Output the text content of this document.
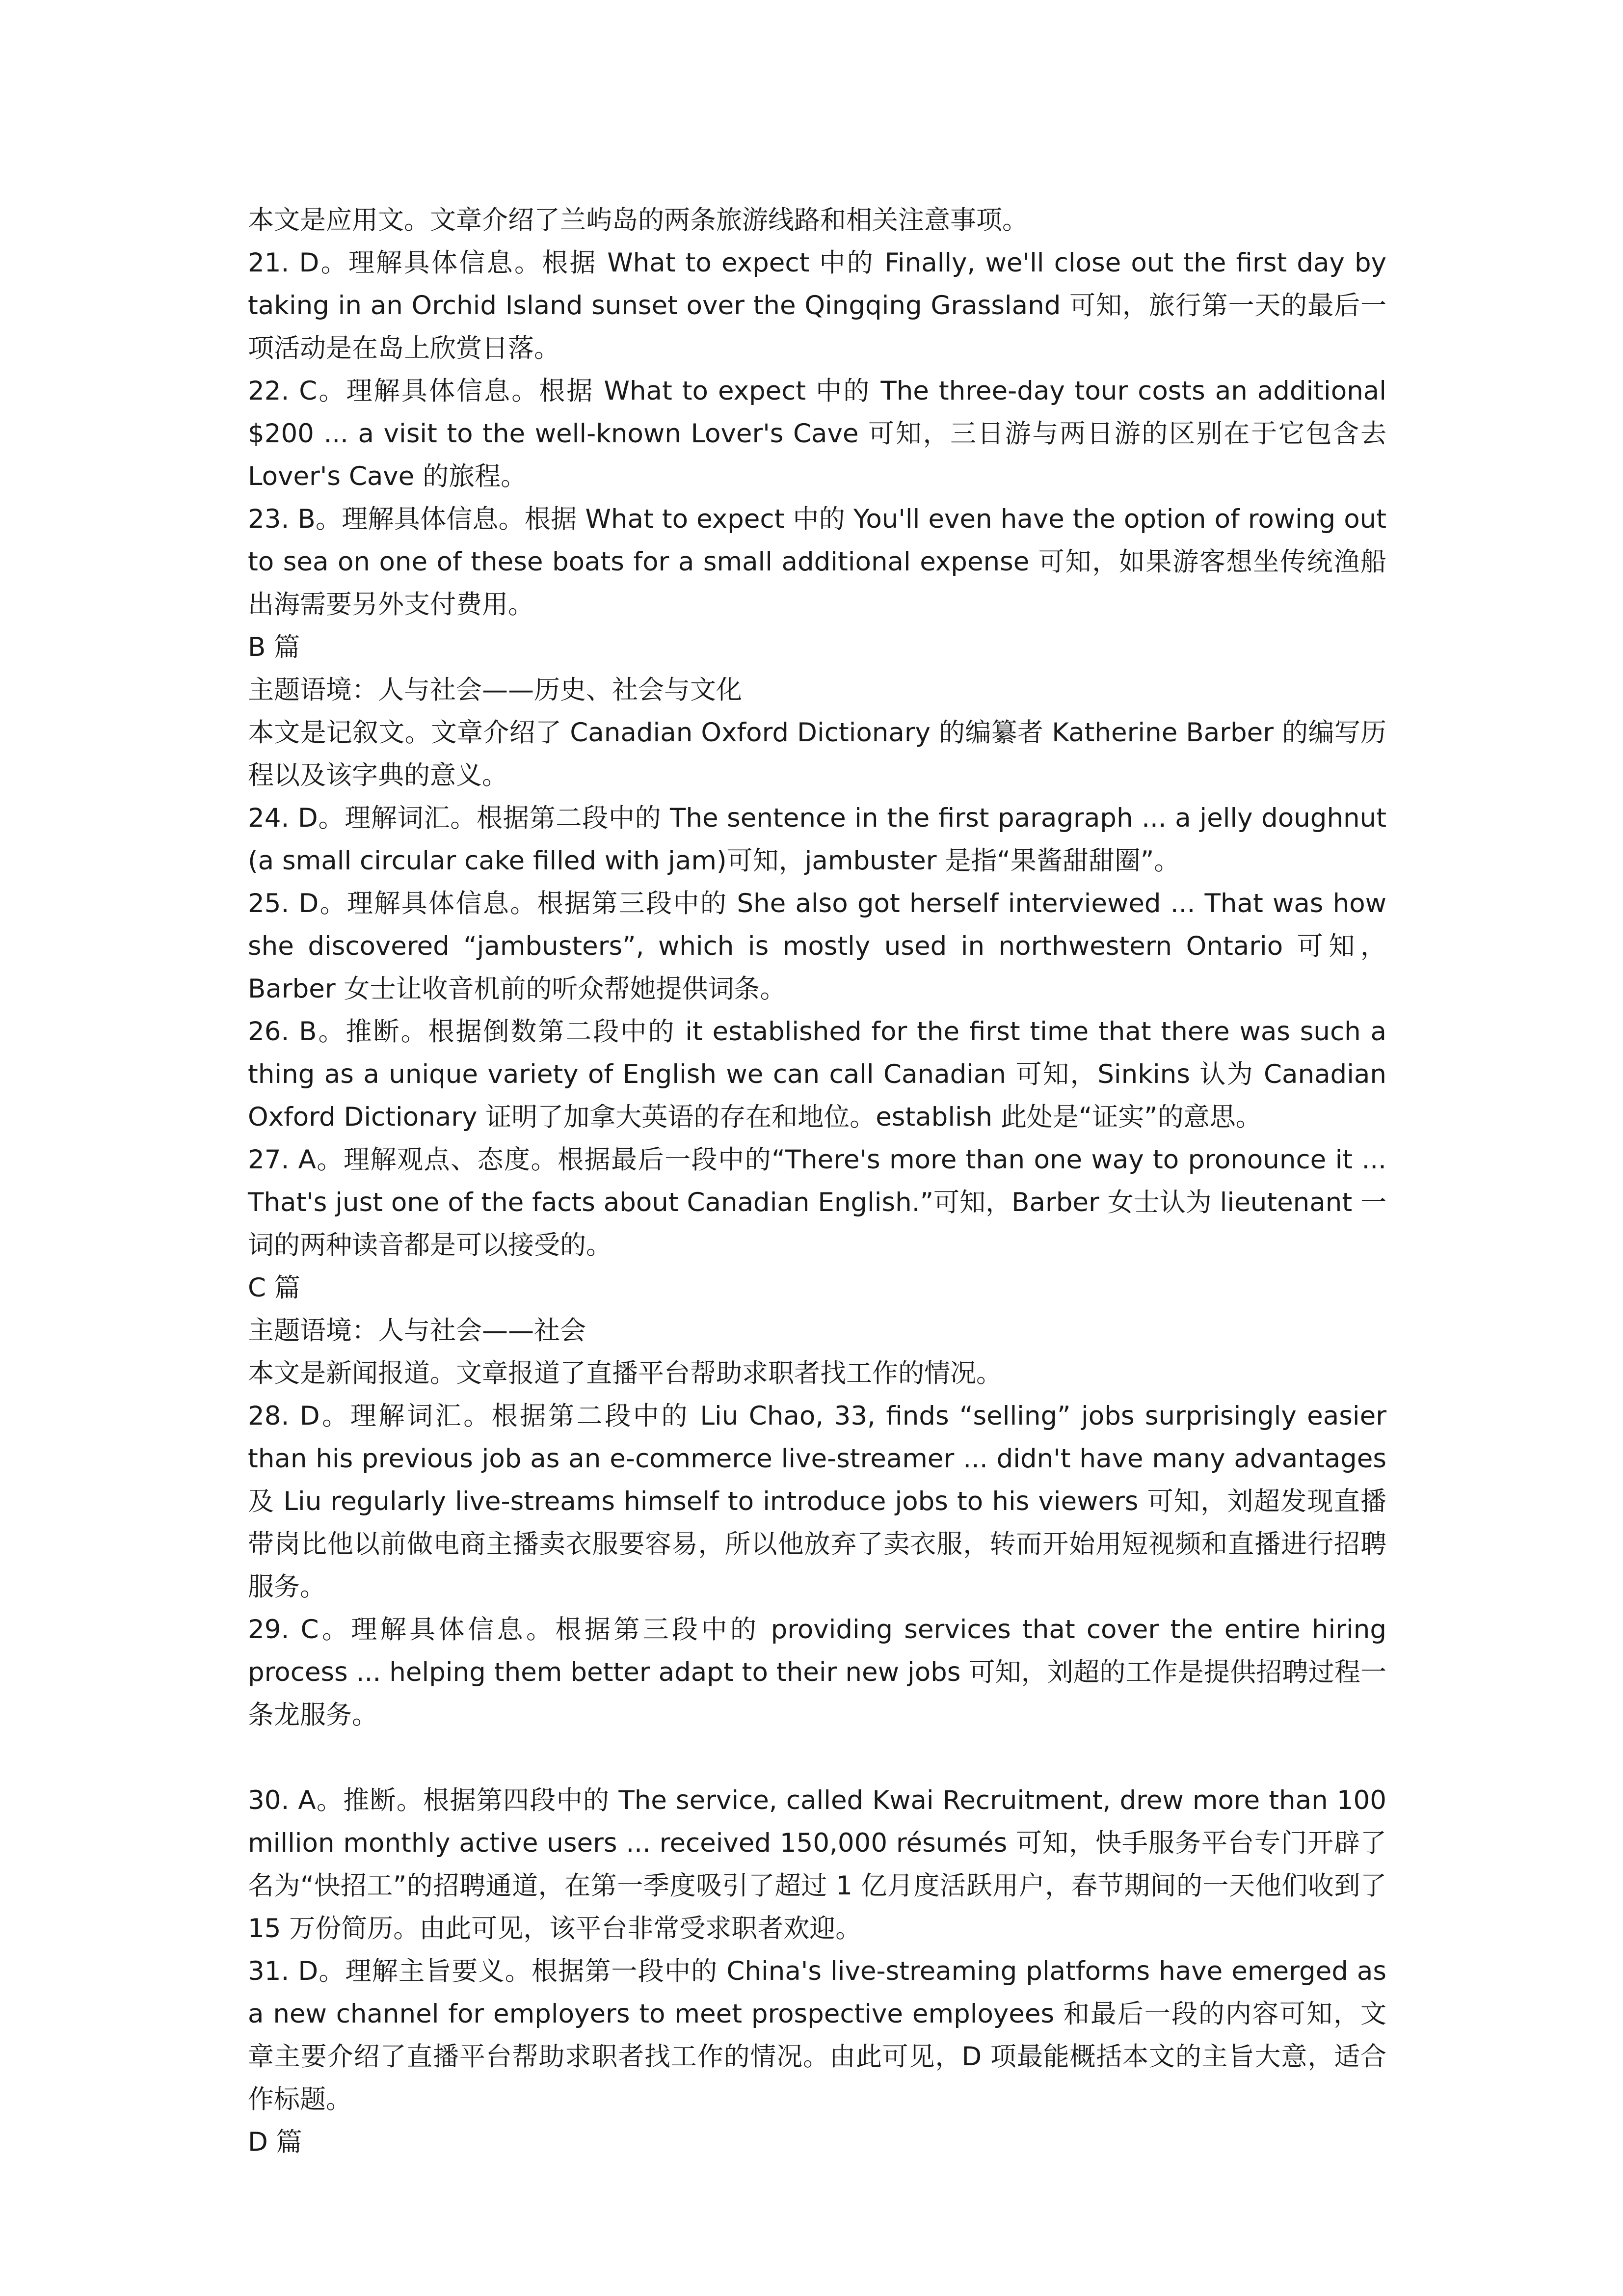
本文是应用文。文章介绍了兰屿岛的两条旅游线路和相关注意事项。

21. D。理解具体信息。根据 What to expect 中的 Finally, we'll close out the first day by taking in an Orchid Island sunset over the Qingqing Grassland 可知，旅行第一天的最后一项活动是在岛上欣赏日落。

22. C。理解具体信息。根据 What to expect 中的 The three-day tour costs an additional $200 ... a visit to the well-known Lover's Cave 可知，三日游与两日游的区别在于它包含去 Lover's Cave 的旅程。

23. B。理解具体信息。根据 What to expect 中的 You'll even have the option of rowing out to sea on one of these boats for a small additional expense 可知，如果游客想坐传统渔船出海需要另外支付费用。

B 篇

主题语境：人与社会——历史、社会与文化

本文是记叙文。文章介绍了 Canadian Oxford Dictionary 的编纂者 Katherine Barber 的编写历程以及该字典的意义。

24. D。理解词汇。根据第二段中的 The sentence in the first paragraph ... a jelly doughnut (a small circular cake filled with jam)可知，jambuster 是指“果酱甜甜圈”。

25. D。理解具体信息。根据第三段中的 She also got herself interviewed ... That was how she discovered “jambusters”, which is mostly used in northwestern Ontario 可知，Barber 女士让收音机前的听众帮她提供词条。

26. B。推断。根据倒数第二段中的 it established for the first time that there was such a thing as a unique variety of English we can call Canadian 可知，Sinkins 认为 Canadian Oxford Dictionary 证明了加拿大英语的存在和地位。establish 此处是“证实”的意思。

27. A。理解观点、态度。根据最后一段中的“There's more than one way to pronounce it ... That's just one of the facts about Canadian English.”可知，Barber 女士认为 lieutenant 一词的两种读音都是可以接受的。

C 篇

主题语境：人与社会——社会

本文是新闻报道。文章报道了直播平台帮助求职者找工作的情况。

28. D。理解词汇。根据第二段中的 Liu Chao, 33, finds “selling” jobs surprisingly easier than his previous job as an e-commerce live-streamer ... didn't have many advantages 及 Liu regularly live-streams himself to introduce jobs to his viewers 可知，刘超发现直播带岗比他以前做电商主播卖衣服要容易，所以他放弃了卖衣服，转而开始用短视频和直播进行招聘服务。

29. C。理解具体信息。根据第三段中的 providing services that cover the entire hiring process ... helping them better adapt to their new jobs 可知，刘超的工作是提供招聘过程一条龙服务。

30. A。推断。根据第四段中的 The service, called Kwai Recruitment, drew more than 100 million monthly active users ... received 150,000 résumés 可知，快手服务平台专门开辟了名为“快招工”的招聘通道，在第一季度吸引了超过 1 亿月度活跃用户，春节期间的一天他们收到了 15 万份简历。由此可见，该平台非常受求职者欢迎。

31. D。理解主旨要义。根据第一段中的 China's live-streaming platforms have emerged as a new channel for employers to meet prospective employees 和最后一段的内容可知，文章主要介绍了直播平台帮助求职者找工作的情况。由此可见，D 项最能概括本文的主旨大意，适合作标题。

D 篇
